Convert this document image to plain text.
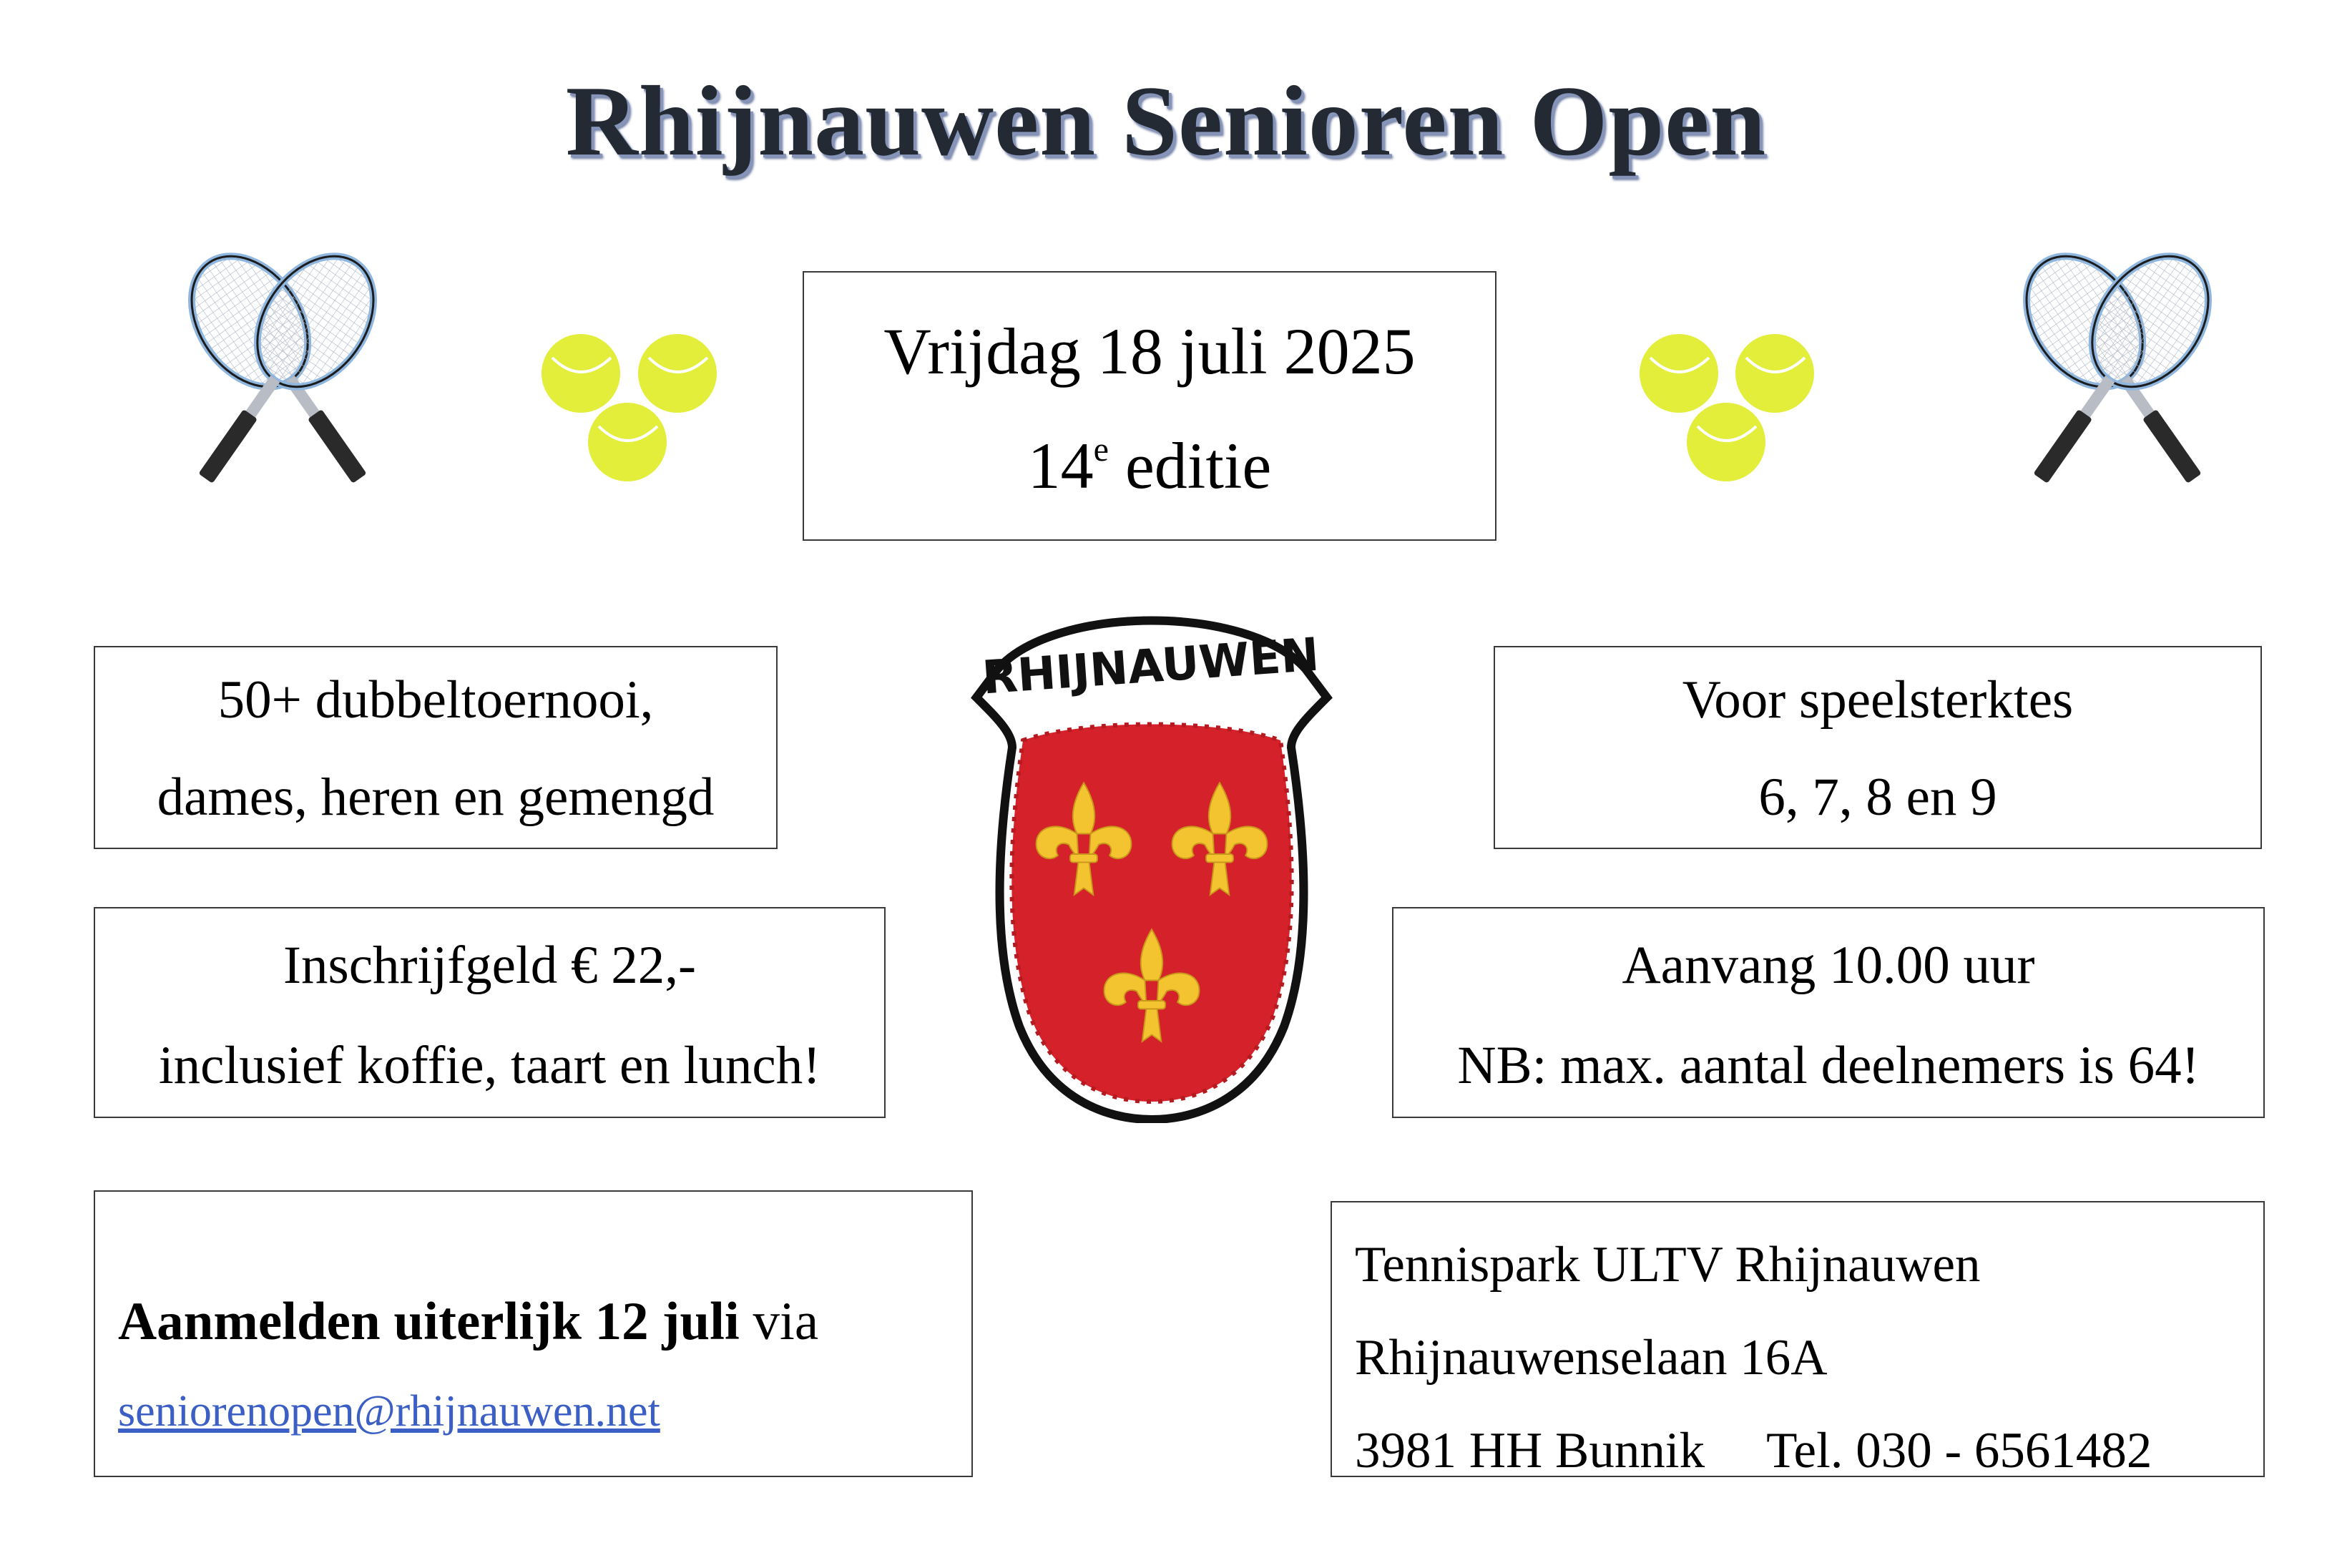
Rhijnauwen Senioren Open

Vrijdag 18 juli 2025

14e editie

50+ dubbeltoernooi,

dames, heren en gemengd

Voor speelsterktes

6, 7, 8 en 9

Inschrijfgeld € 22,-

inclusief koffie, taart en lunch!

Aanvang 10.00 uur

NB: max. aantal deelnemers is 64!

Aanmelden uiterlijk 12 juli via

seniorenopen@rhijnauwen.net

Tennispark ULTV Rhijnauwen

Rhijnauwenselaan 16A

3981 HH Bunnik Tel. 030 - 6561482

RHIJNAUWEN
